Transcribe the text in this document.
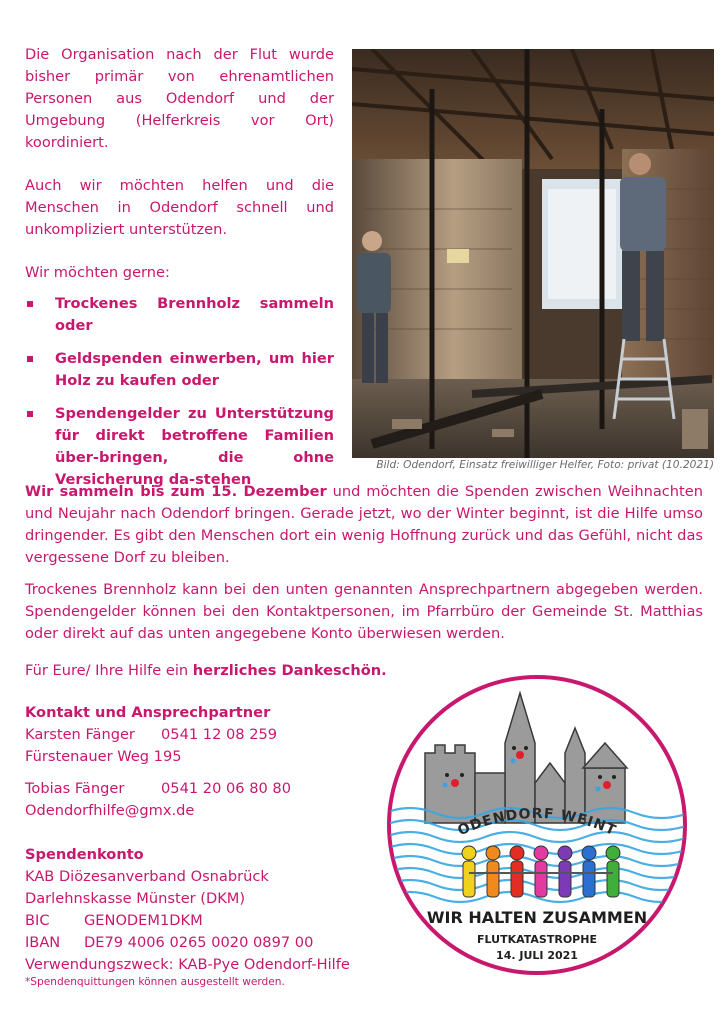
Die Organisation nach der Flut wurde bisher primär von ehrenamtlichen Personen aus Odendorf und der Umgebung (Helferkreis vor Ort) koordiniert.

Auch wir möchten helfen und die Menschen in Odendorf schnell und unkompliziert unterstützen.

Wir möchten gerne:

Trockenes Brennholz sammeln oder
Geldspenden einwerben, um hier Holz zu kaufen oder
Spendengelder zu Unterstützung für direkt betroffene Familien über-bringen, die ohne Versicherung da-stehen
Bild: Odendorf, Einsatz freiwilliger Helfer, Foto: privat (10.2021)

Wir sammeln bis zum 15. Dezember und möchten die Spenden zwischen Weihnachten und Neujahr nach Odendorf bringen. Gerade jetzt, wo der Winter beginnt, ist die Hilfe umso dringender. Es gibt den Menschen dort ein wenig Hoffnung zurück und das Gefühl, nicht das vergessene Dorf zu bleiben.

Trockenes Brennholz kann bei den unten genannten Ansprechpartnern abgegeben werden. Spendengelder können bei den Kontaktpersonen, im Pfarrbüro der Gemeinde St. Matthias oder direkt auf das unten angegebene Konto überwiesen werden.

Für Eure/ Ihre Hilfe ein herzliches Dankeschön.

Kontakt und Ansprechpartner
Karsten Fänger 0541 12 08 259
Fürstenauer Weg 195
Tobias Fänger	0541 20 06 80 80
Odendorfhilfe@gmx.de
Spendenkonto
KAB Diözesanverband Osnabrück
Darlehnskasse Münster (DKM)
BIC GENODEM1DKM
IBAN DE79 4006 0265 0020 0897 00
Verwendungszweck: KAB-Pye Odendorf-Hilfe
*Spendenquittungen können ausgestellt werden.
ODENDORF WEINT
WIR HALTEN ZUSAMMEN
FLUTKATASTROPHE
14. JULI 2021
